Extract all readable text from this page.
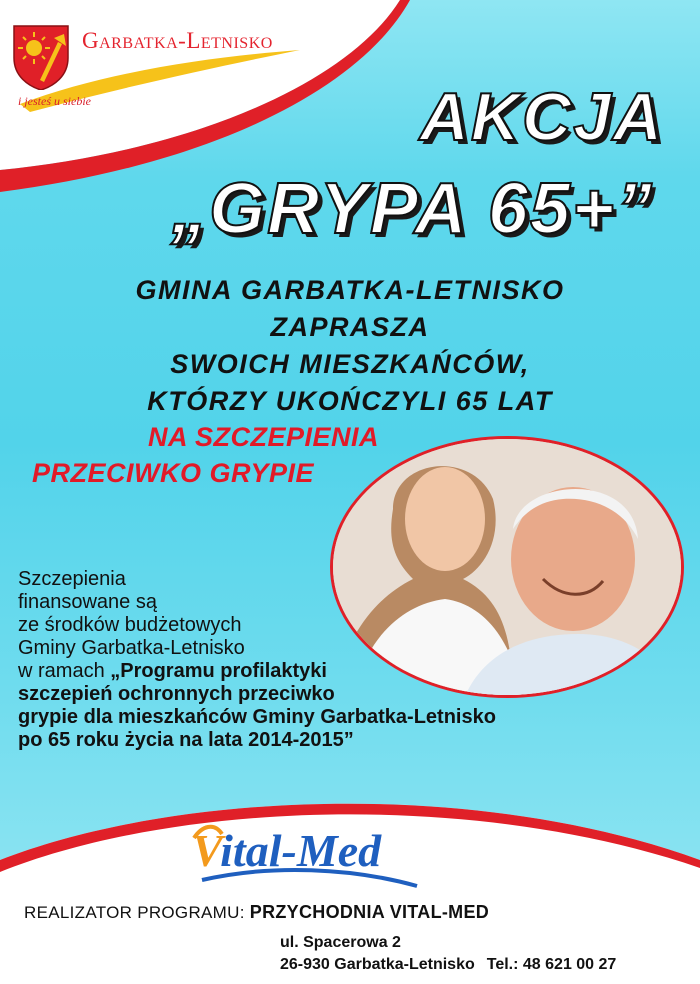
Garbatka-Letnisko
i jesteś u siebie	AKCJA
„GRYPA 65+”
GMINA GARBATKA-LETNISKO
ZAPRASZA
SWOICH MIESZKAŃCÓW,
KTÓRZY UKOŃCZYLI 65 LAT
NA SZCZEPIENIA
PRZECIWKO GRYPIE
Szczepienia
finansowane są
ze środków budżetowych
Gminy Garbatka-Letnisko
w ramach „Programu profilaktyki
szczepień ochronnych przeciwko
grypie dla mieszkańców Gminy Garbatka-Letnisko
po 65 roku życia na lata 2014-2015”
Vital-Med
REALIZATOR PROGRAMU: PRZYCHODNIA VITAL-MED
ul. Spacerowa 2
26-930 Garbatka-Letnisko Tel.: 48 621 00 27
